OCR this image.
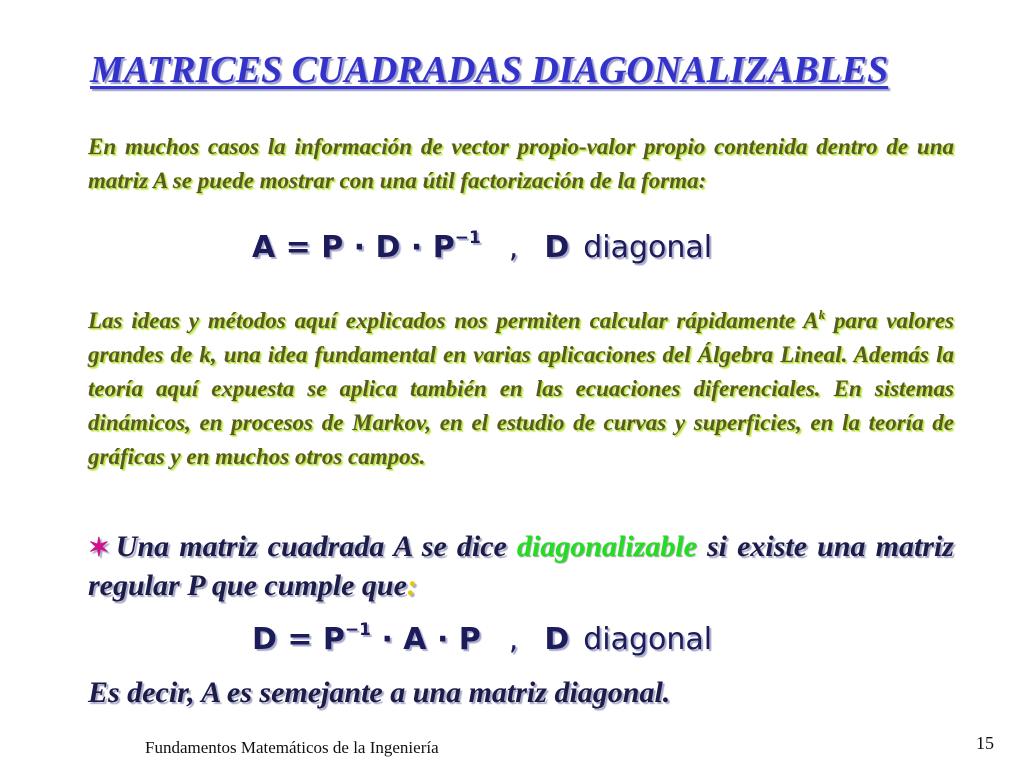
MATRICES CUADRADAS DIAGONALIZABLES

En muchos casos la información de vector propio-valor propio contenida dentro de una matriz A se puede mostrar con una útil factorización de la forma:

$A = P \cdot D \cdot P^{-1}$ , D diagonal

Las ideas y métodos aquí explicados nos permiten calcular rápidamente $A^k$ para valores grandes de k, una idea fundamental en varias aplicaciones del Álgebra Lineal. Además la teoría aquí expuesta se aplica también en las ecuaciones diferenciales. En sistemas dinámicos, en procesos de Markov, en el estudio de curvas y superficies, en la teoría de gráficas y en muchos otros campos.

✶ Una matriz cuadrada A se dice diagonalizable si existe una matriz regular P que cumple que:

$D = P^{-1} \cdot A \cdot P$ , D diagonal

Es decir, A es semejante a una matriz diagonal.

Fundamentos Matemáticos de la Ingeniería	15
